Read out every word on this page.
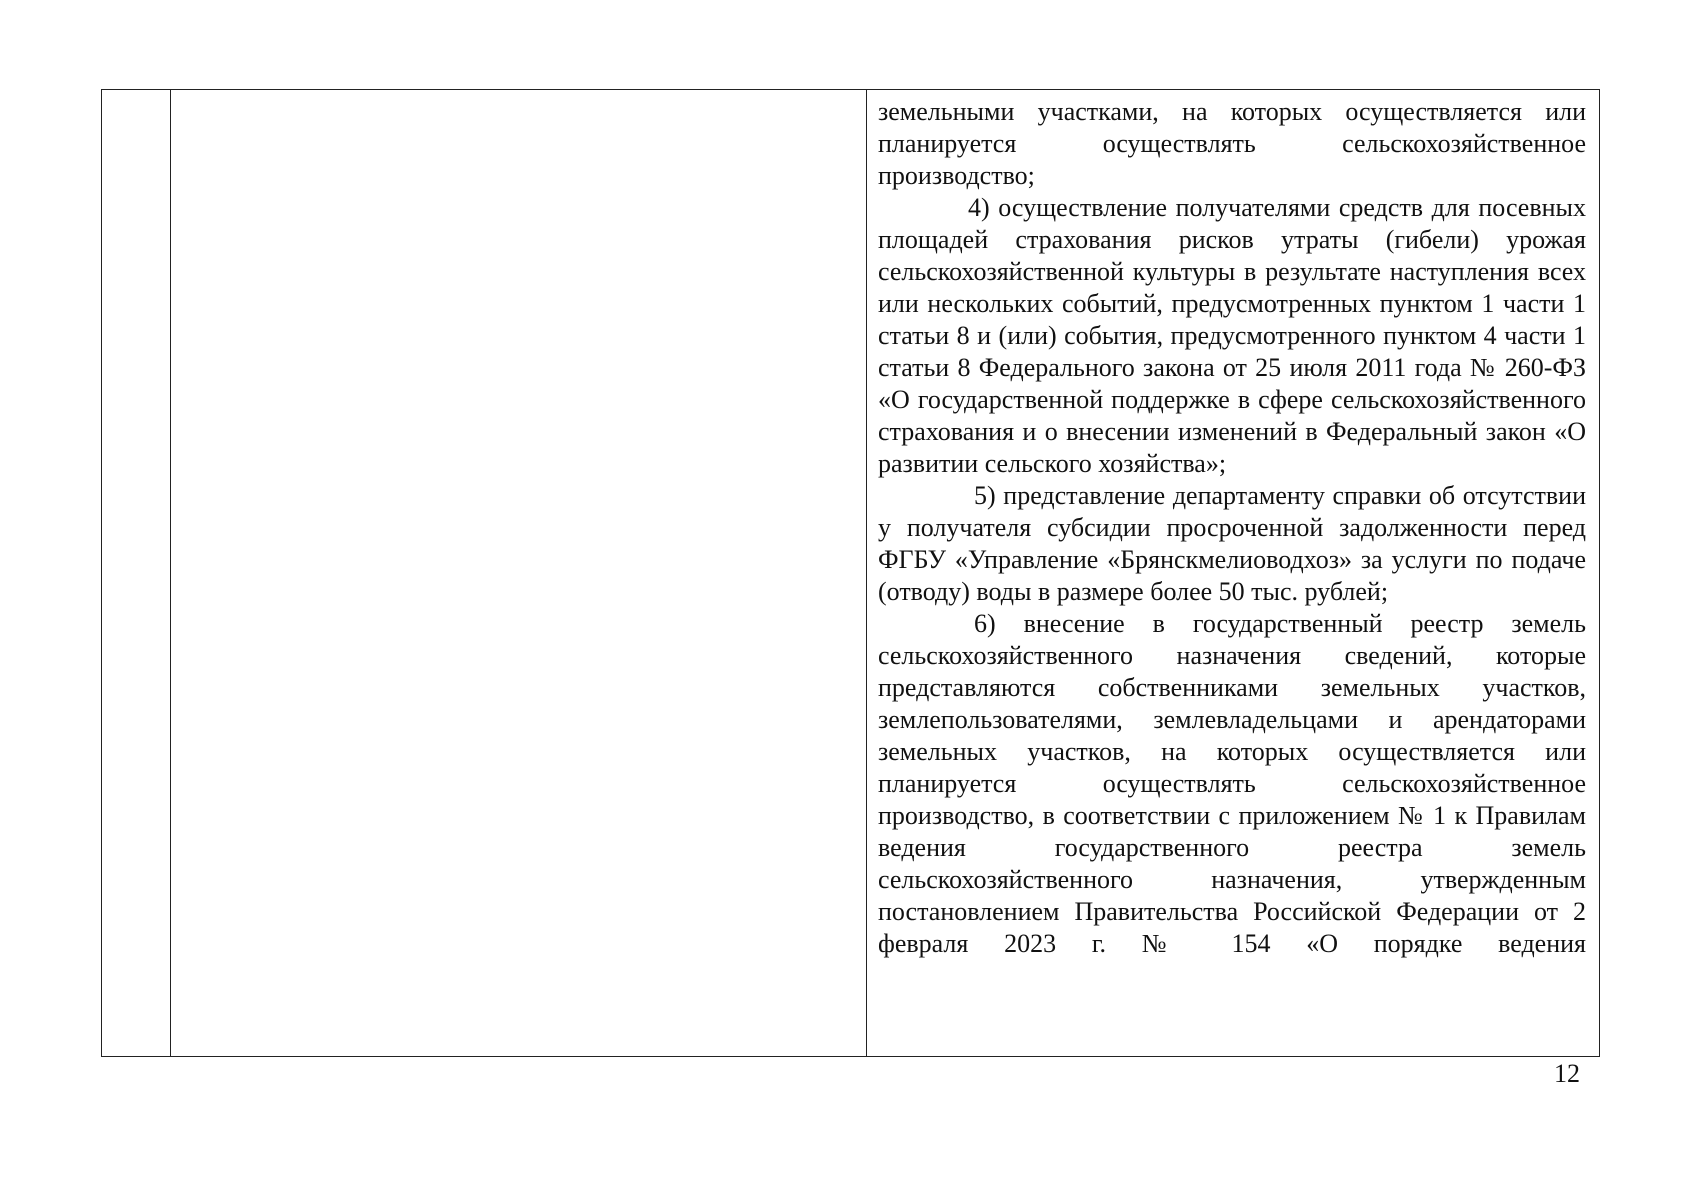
земельными участками, на которых осуществляется или планируется осуществлять сельскохозяйственное производство;

4) осуществление получателями средств для посевных площадей страхования рисков утраты (гибели) урожая сельскохозяйственной культуры в результате наступления всех или нескольких событий, предусмотренных пунктом 1 части 1 статьи 8 и (или) события, предусмотренного пунктом 4 части 1 статьи 8 Федерального закона от 25 июля 2011 года № 260-ФЗ «О государственной поддержке в сфере сельскохозяйственного страхования и о внесении изменений в Федеральный закон «О развитии сельского хозяйства»;

5) представление департаменту справки об отсутствии у получателя субсидии просроченной задолженности перед ФГБУ «Управление «Брянскмелиоводхоз» за услуги по подаче (отводу) воды в размере более 50 тыс. рублей;

6) внесение в государственный реестр земель сельскохозяйственного назначения сведений, которые представляются собственниками земельных участков, землепользователями, землевладельцами и арендаторами земельных участков, на которых осуществляется или планируется осуществлять сельскохозяйственное производство, в соответствии с приложением № 1 к Правилам ведения государственного реестра земель сельскохозяйственного назначения, утвержденным постановлением Правительства Российской Федерации от 2 февраля 2023 г. № 154 «О порядке ведения

12
